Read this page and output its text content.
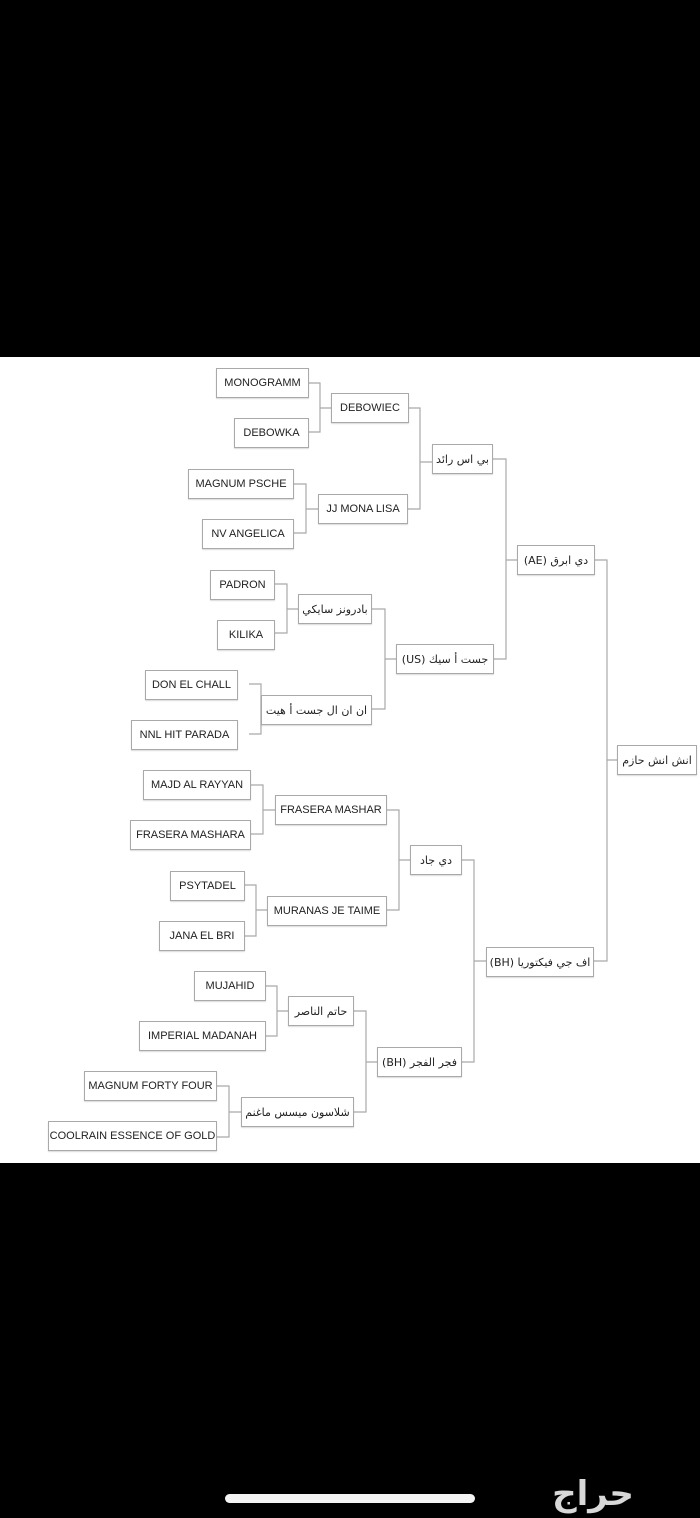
MONOGRAMM
DEBOWKA
MAGNUM PSCHE
NV ANGELICA
PADRON
KILIKA
DON EL CHALL
NNL HIT PARADA
MAJD AL RAYYAN
FRASERA MASHARA
PSYTADEL
JANA EL BRI
MUJAHID
IMPERIAL MADANAH
MAGNUM FORTY FOUR
COOLRAIN ESSENCE OF GOLD
DEBOWIEC
JJ MONA LISA
بادرونز سايكي
ان ان ال جست أ هيت
FRASERA MASHAR
MURANAS JE TAIME
حاتم الناصر
شلاسون ميسس ماغنم
بي اس رائد
جست أ سيك (US)
دي جاد
فجر الفجر (BH)
دي ابرق (AE)
اف جي فيكتوريا (BH)
انش انش حازم
حراج
